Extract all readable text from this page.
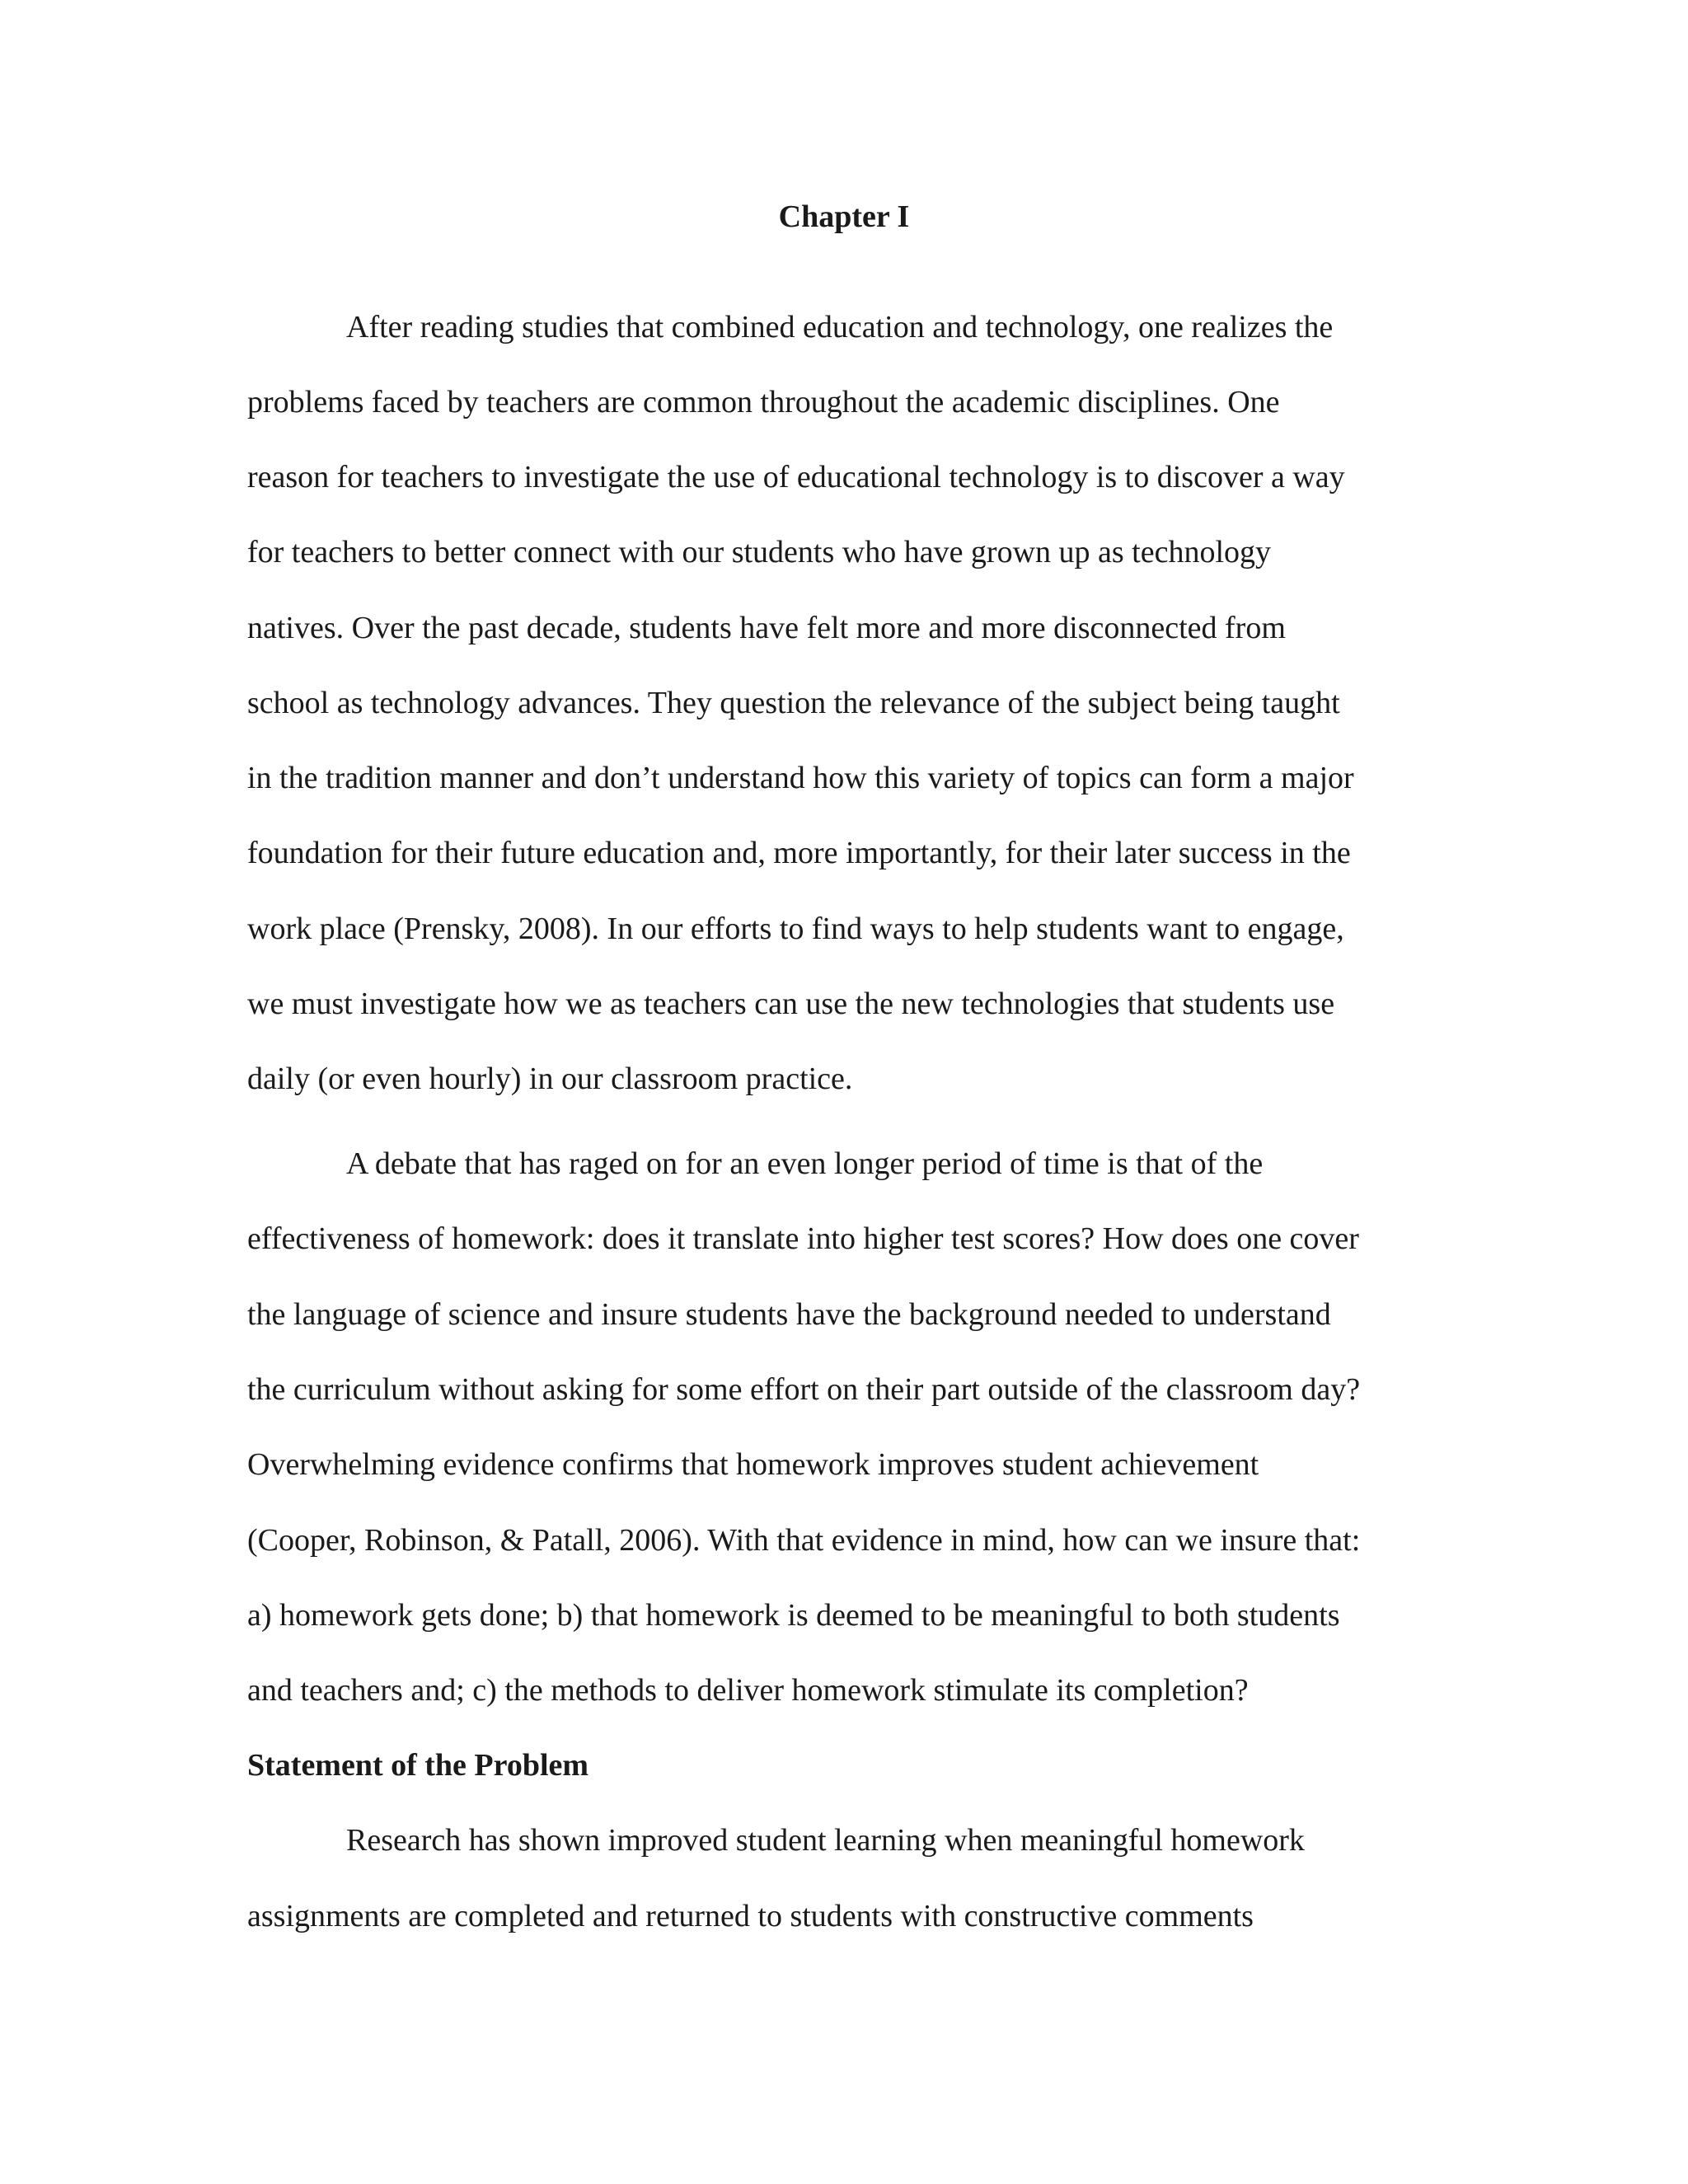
Chapter I

After reading studies that combined education and technology, one realizes the

problems faced by teachers are common throughout the academic disciplines. One

reason for teachers to investigate the use of educational technology is to discover a way

for teachers to better connect with our students who have grown up as technology

natives. Over the past decade, students have felt more and more disconnected from

school as technology advances. They question the relevance of the subject being taught

in the tradition manner and don’t understand how this variety of topics can form a major

foundation for their future education and, more importantly, for their later success in the

work place (Prensky, 2008). In our efforts to find ways to help students want to engage,

we must investigate how we as teachers can use the new technologies that students use

daily (or even hourly) in our classroom practice.

A debate that has raged on for an even longer period of time is that of the

effectiveness of homework: does it translate into higher test scores? How does one cover

the language of science and insure students have the background needed to understand

the curriculum without asking for some effort on their part outside of the classroom day?

Overwhelming evidence confirms that homework improves student achievement

(Cooper, Robinson, & Patall, 2006). With that evidence in mind, how can we insure that:

a) homework gets done; b) that homework is deemed to be meaningful to both students

and teachers and; c) the methods to deliver homework stimulate its completion?

Statement of the Problem

Research has shown improved student learning when meaningful homework

assignments are completed and returned to students with constructive comments
